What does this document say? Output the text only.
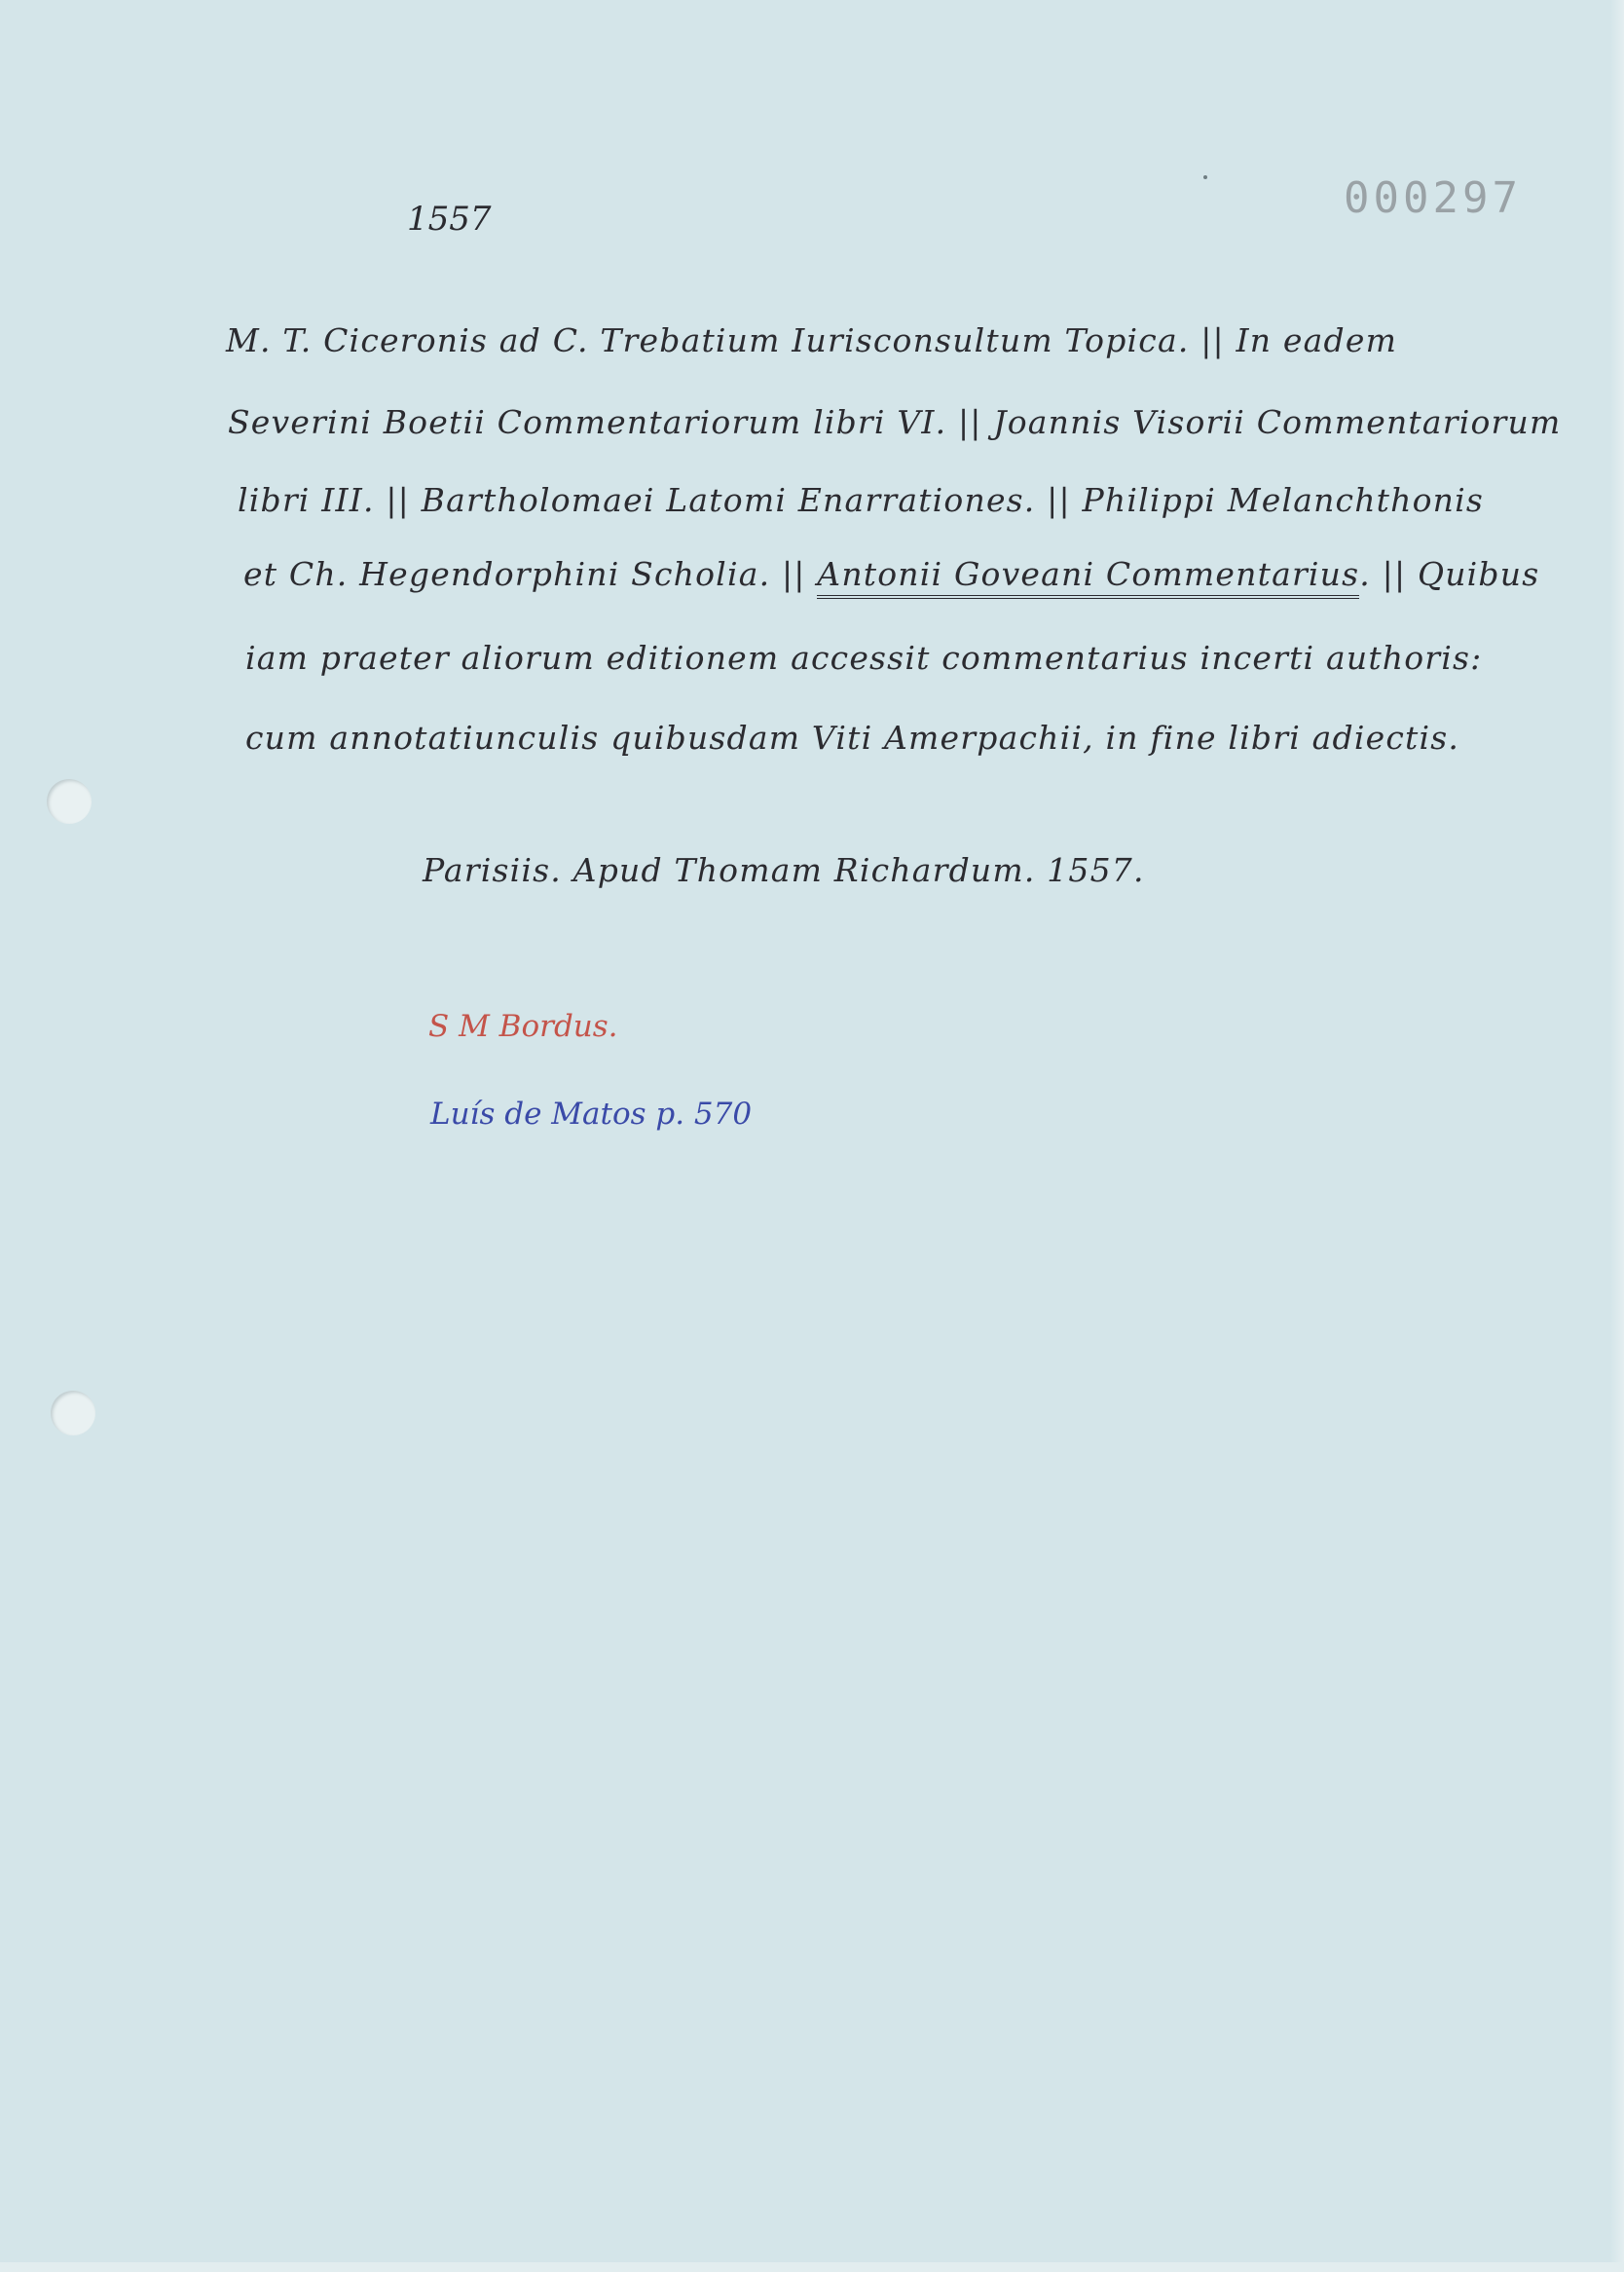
1557	000297
M. T. Ciceronis ad C. Trebatium Iurisconsultum Topica. || In eadem
Severini Boetii Commentariorum libri VI. || Joannis Visorii Commentariorum
libri III. || Bartholomaei Latomi Enarrationes. || Philippi Melanchthonis
et Ch. Hegendorphini Scholia. || Antonii Goveani Commentarius. || Quibus
iam praeter aliorum editionem accessit commentarius incerti authoris:
cum annotatiunculis quibusdam Viti Amerpachii, in fine libri adiectis.
Parisiis. Apud Thomam Richardum. 1557.
S M Bordus.
Luís de Matos p. 570
